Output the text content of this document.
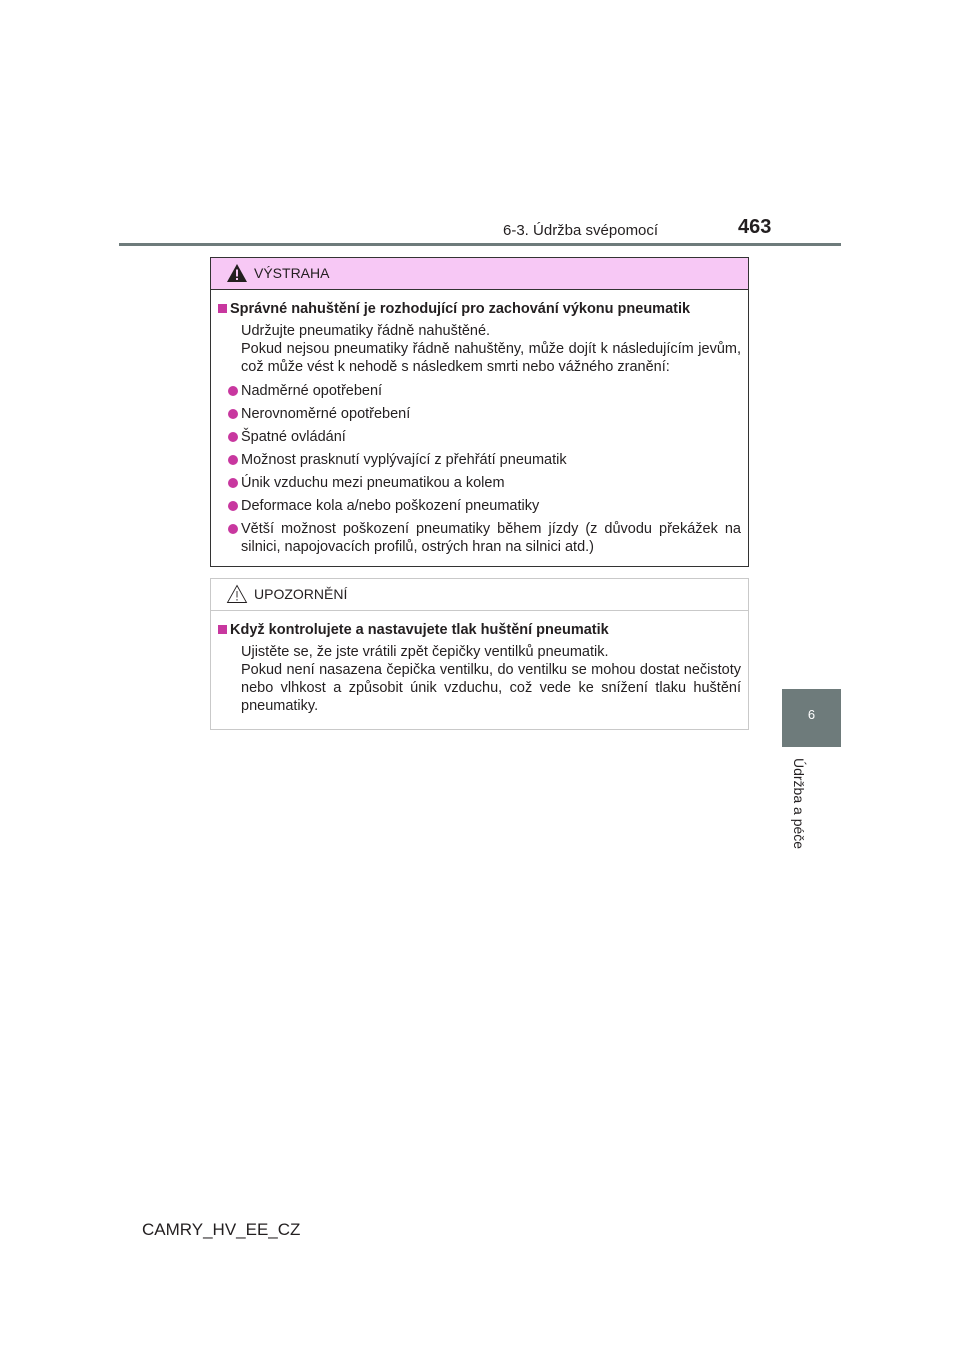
6-3. Údržba svépomocí	463
VÝSTRAHA
Správné nahuštění je rozhodující pro zachování výkonu pneumatik
Udržujte pneumatiky řádně nahuštěné.
Pokud nejsou pneumatiky řádně nahuštěny, může dojít k následujícím jevům, což může vést k nehodě s následkem smrti nebo vážného zranění:
Nadměrné opotřebení
Nerovnoměrné opotřebení
Špatné ovládání
Možnost prasknutí vyplývající z přehřátí pneumatik
Únik vzduchu mezi pneumatikou a kolem
Deformace kola a/nebo poškození pneumatiky
Větší možnost poškození pneumatiky během jízdy (z důvodu překážek na silnici, napojovacích profilů, ostrých hran na silnici atd.)
UPOZORNĚNÍ
Když kontrolujete a nastavujete tlak huštění pneumatik
Ujistěte se, že jste vrátili zpět čepičky ventilků pneumatik.
Pokud není nasazena čepička ventilku, do ventilku se mohou dostat nečistoty nebo vlhkost a způsobit únik vzduchu, což vede ke snížení tlaku huštění pneumatiky.
6
Údržba a péče
CAMRY_HV_EE_CZ
